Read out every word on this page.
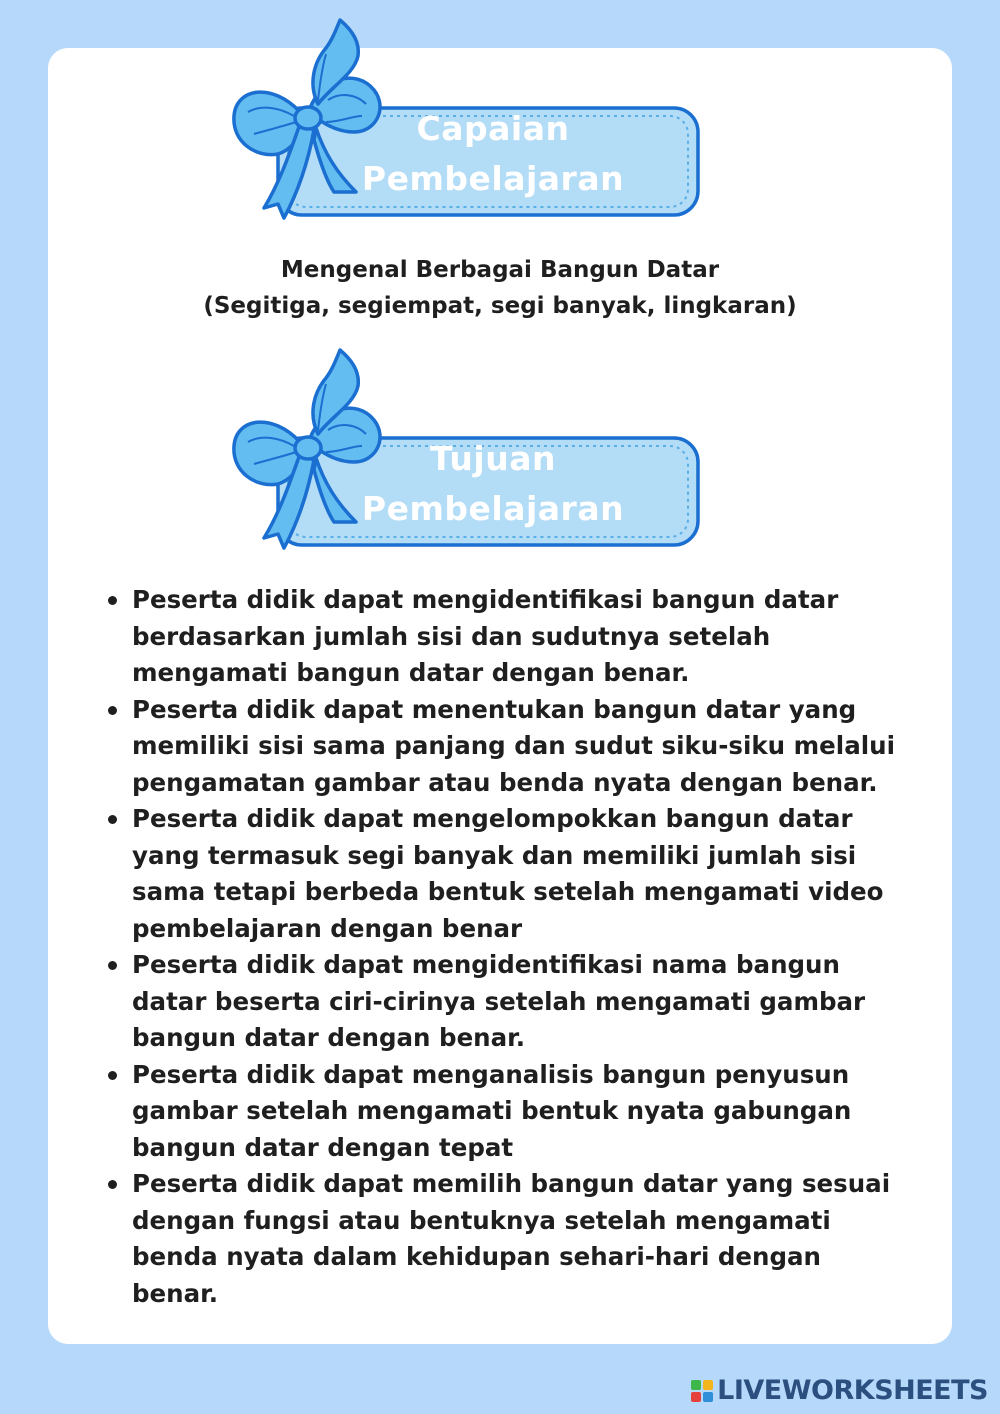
Capaian
Pembelajaran
Mengenal Berbagai Bangun Datar
(Segitiga, segiempat, segi banyak, lingkaran)
Tujuan
Pembelajaran
Peserta didik dapat mengidentifikasi bangun datar berdasarkan jumlah sisi dan sudutnya setelah mengamati bangun datar dengan benar.
Peserta didik dapat menentukan bangun datar yang memiliki sisi sama panjang dan sudut siku-siku melalui pengamatan gambar atau benda nyata dengan benar.
Peserta didik dapat mengelompokkan bangun datar yang termasuk segi banyak dan memiliki jumlah sisi sama tetapi berbeda bentuk setelah mengamati video pembelajaran dengan benar
Peserta didik dapat mengidentifikasi nama bangun datar beserta ciri-cirinya setelah mengamati gambar bangun datar dengan benar.
Peserta didik dapat menganalisis bangun penyusun gambar setelah mengamati bentuk nyata gabungan bangun datar dengan tepat
Peserta didik dapat memilih bangun datar yang sesuai dengan fungsi atau bentuknya setelah mengamati benda nyata dalam kehidupan sehari-hari dengan benar.
LIVEWORKSHEETS
